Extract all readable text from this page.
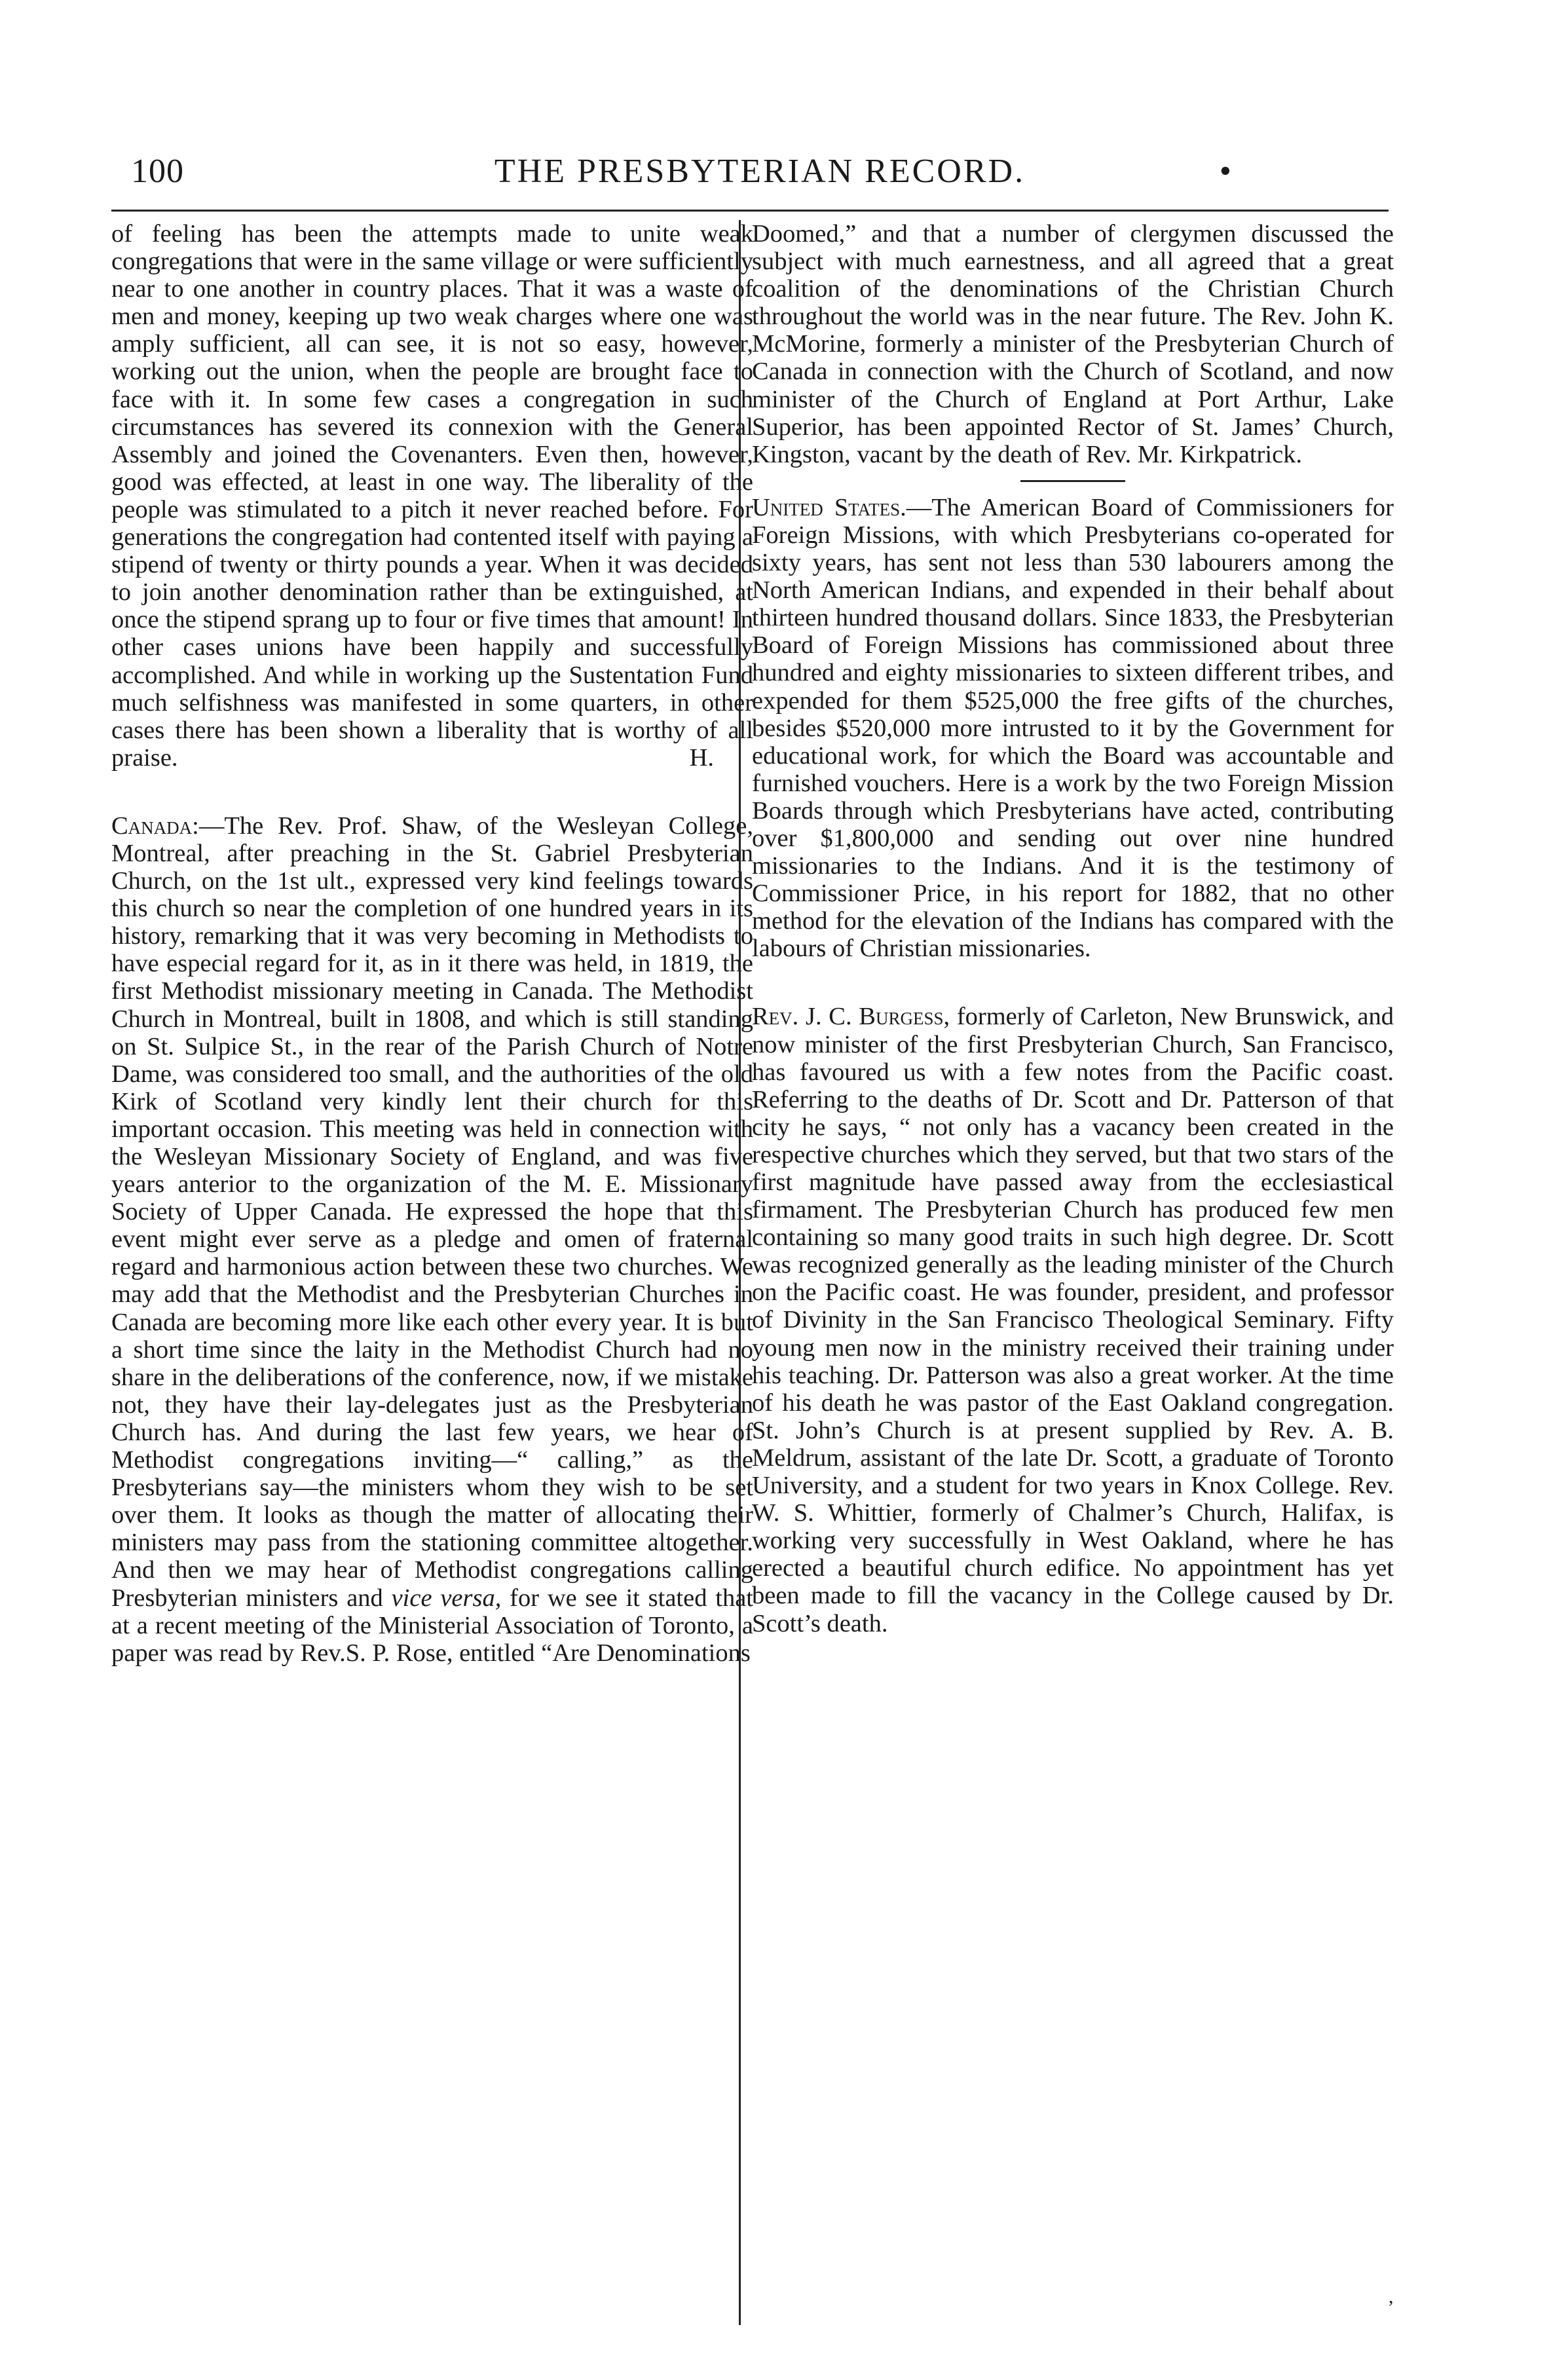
100	THE PRESBYTERIAN RECORD.	•

of feeling has been the attempts made to unite weak congregations that were in the same village or were sufficiently near to one another in country places. That it was a waste of men and money, keeping up two weak charges where one was amply sufficient, all can see, it is not so easy, however, working out the union, when the people are brought face to face with it. In some few cases a congregation in such circumstances has severed its connexion with the General Assembly and joined the Covenanters. Even then, however, good was effected, at least in one way. The liberality of the people was stimulated to a pitch it never reached before. For generations the congregation had contented itself with paying a stipend of twenty or thirty pounds a year. When it was decided to join another denomination rather than be extinguished, at once the stipend sprang up to four or five times that amount! In other cases unions have been happily and successfully accomplished. And while in working up the Sustentation Fund much selfishness was manifested in some quarters, in other cases there has been shown a liberality that is worthy of all praise.	H.

Canada:—The Rev. Prof. Shaw, of the Wesleyan College, Montreal, after preaching in the St. Gabriel Presbyterian Church, on the 1st ult., expressed very kind feelings towards this church so near the completion of one hundred years in its history, remarking that it was very becoming in Methodists to have especial regard for it, as in it there was held, in 1819, the first Methodist missionary meeting in Canada. The Methodist Church in Montreal, built in 1808, and which is still standing on St. Sulpice St., in the rear of the Parish Church of Notre Dame, was considered too small, and the authorities of the old Kirk of Scotland very kindly lent their church for this important occasion. This meeting was held in connection with the Wesleyan Missionary Society of England, and was five years anterior to the organization of the M. E. Missionary Society of Upper Canada. He expressed the hope that this event might ever serve as a pledge and omen of fraternal regard and harmonious action between these two churches. We may add that the Methodist and the Presbyterian Churches in Canada are becoming more like each other every year. It is but a short time since the laity in the Methodist Church had no share in the deliberations of the conference, now, if we mistake not, they have their lay-delegates just as the Presbyterian Church has. And during the last few years, we hear of Methodist congregations inviting—“ calling,” as the Presbyterians say—the ministers whom they wish to be set over them. It looks as though the matter of allocating their ministers may pass from the stationing committee altogether. And then we may hear of Methodist congregations calling Presbyterian ministers and vice versa, for we see it stated that at a recent meeting of the Ministerial Association of Toronto, a paper was read by Rev.S. P. Rose, entitled “Are Denominations

Doomed,” and that a number of clergymen discussed the subject with much earnestness, and all agreed that a great coalition of the denominations of the Christian Church throughout the world was in the near future. The Rev. John K. McMorine, formerly a minister of the Presbyterian Church of Canada in connection with the Church of Scotland, and now minister of the Church of England at Port Arthur, Lake Superior, has been appointed Rector of St. James’ Church, Kingston, vacant by the death of Rev. Mr. Kirkpatrick.

United States.—The American Board of Commissioners for Foreign Missions, with which Presbyterians co-operated for sixty years, has sent not less than 530 labourers among the North American Indians, and expended in their behalf about thirteen hundred thousand dollars. Since 1833, the Presbyterian Board of Foreign Missions has commissioned about three hundred and eighty missionaries to sixteen different tribes, and expended for them $525,000 the free gifts of the churches, besides $520,000 more intrusted to it by the Government for educational work, for which the Board was accountable and furnished vouchers. Here is a work by the two Foreign Mission Boards through which Presbyterians have acted, contributing over $1,800,000 and sending out over nine hundred missionaries to the Indians. And it is the testimony of Commissioner Price, in his report for 1882, that no other method for the elevation of the Indians has compared with the labours of Christian missionaries.

Rev. J. C. Burgess, formerly of Carleton, New Brunswick, and now minister of the first Presbyterian Church, San Francisco, has favoured us with a few notes from the Pacific coast. Referring to the deaths of Dr. Scott and Dr. Patterson of that city he says, “ not only has a vacancy been created in the respective churches which they served, but that two stars of the first magnitude have passed away from the ecclesiastical firmament. The Presbyterian Church has produced few men containing so many good traits in such high degree. Dr. Scott was recognized generally as the leading minister of the Church on the Pacific coast. He was founder, president, and professor of Divinity in the San Francisco Theological Seminary. Fifty young men now in the ministry received their training under his teaching. Dr. Patterson was also a great worker. At the time of his death he was pastor of the East Oakland congregation. St. John’s Church is at present supplied by Rev. A. B. Meldrum, assistant of the late Dr. Scott, a graduate of Toronto University, and a student for two years in Knox College. Rev. W. S. Whittier, formerly of Chalmer’s Church, Halifax, is working very successfully in West Oakland, where he has erected a beautiful church edifice. No appointment has yet been made to fill the vacancy in the College caused by Dr. Scott’s death.

,
